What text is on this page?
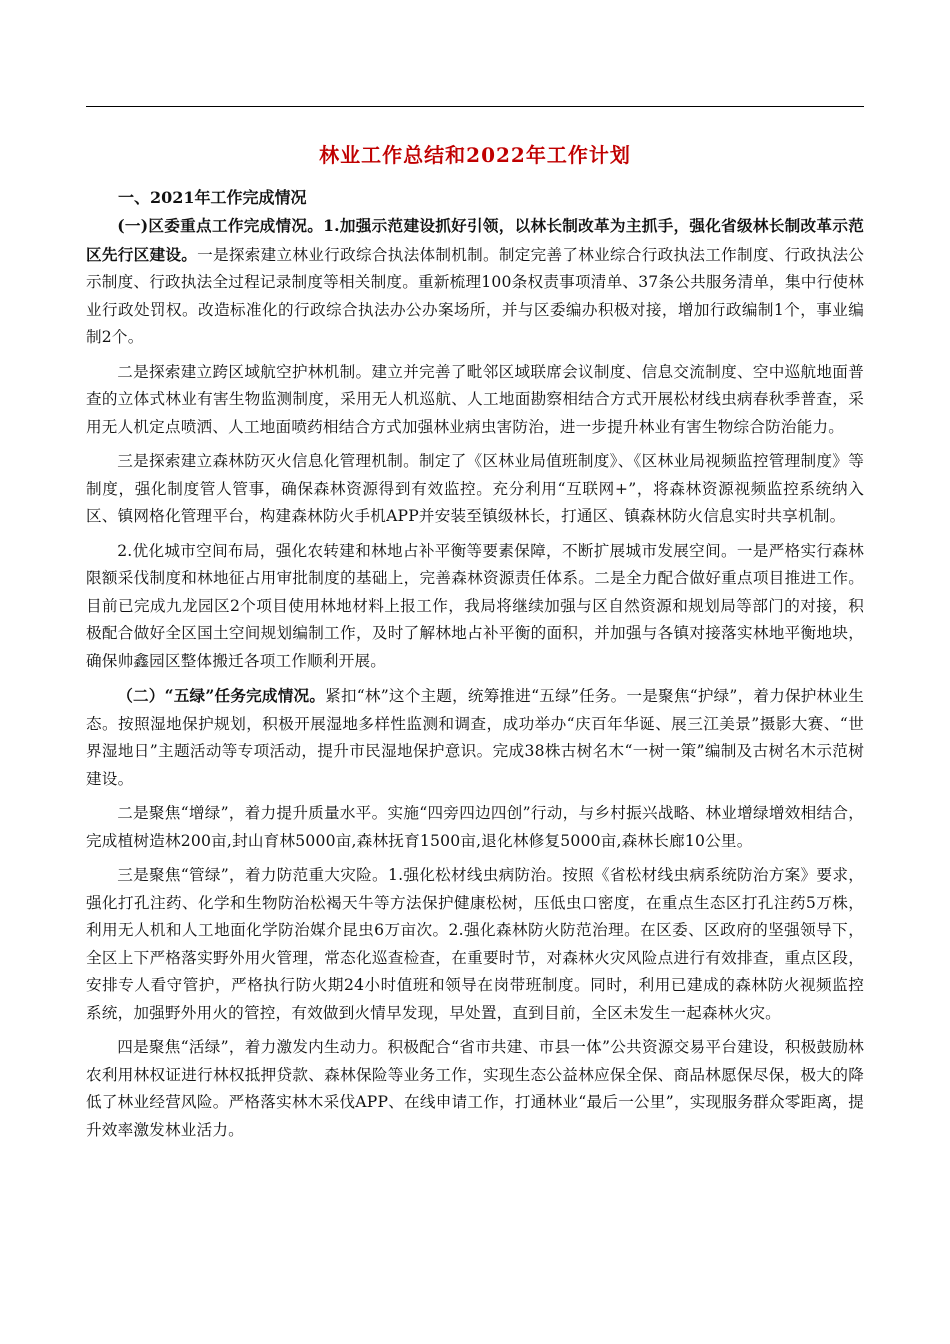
林业工作总结和2022年工作计划
一、2021年工作完成情况

(一)区委重点工作完成情况。1.加强示范建设抓好引领，以林长制改革为主抓手，强化省级林长制改革示范区先行区建设。一是探索建立林业行政综合执法体制机制。制定完善了林业综合行政执法工作制度、行政执法公示制度、行政执法全过程记录制度等相关制度。重新梳理100条权责事项清单、37条公共服务清单，集中行使林业行政处罚权。改造标准化的行政综合执法办公办案场所，并与区委编办积极对接，增加行政编制1个，事业编制2个。

二是探索建立跨区域航空护林机制。建立并完善了毗邻区域联席会议制度、信息交流制度、空中巡航地面普查的立体式林业有害生物监测制度，采用无人机巡航、人工地面勘察相结合方式开展松材线虫病春秋季普查，采用无人机定点喷洒、人工地面喷药相结合方式加强林业病虫害防治，进一步提升林业有害生物综合防治能力。

三是探索建立森林防灭火信息化管理机制。制定了《区林业局值班制度》、《区林业局视频监控管理制度》等制度，强化制度管人管事，确保森林资源得到有效监控。充分利用“互联网+”，将森林资源视频监控系统纳入区、镇网格化管理平台，构建森林防火手机APP并安装至镇级林长，打通区、镇森林防火信息实时共享机制。

2.优化城市空间布局，强化农转建和林地占补平衡等要素保障，不断扩展城市发展空间。一是严格实行森林限额采伐制度和林地征占用审批制度的基础上，完善森林资源责任体系。二是全力配合做好重点项目推进工作。目前已完成九龙园区2个项目使用林地材料上报工作，我局将继续加强与区自然资源和规划局等部门的对接，积极配合做好全区国土空间规划编制工作，及时了解林地占补平衡的面积，并加强与各镇对接落实林地平衡地块，确保帅鑫园区整体搬迁各项工作顺利开展。

（二）“五绿”任务完成情况。紧扣“林”这个主题，统筹推进“五绿”任务。一是聚焦“护绿”，着力保护林业生态。按照湿地保护规划，积极开展湿地多样性监测和调查，成功举办“庆百年华诞、展三江美景”摄影大赛、“世界湿地日”主题活动等专项活动，提升市民湿地保护意识。完成38株古树名木“一树一策”编制及古树名木示范树建设。

二是聚焦“增绿”，着力提升质量水平。实施“四旁四边四创”行动，与乡村振兴战略、林业增绿增效相结合，完成植树造林200亩,封山育林5000亩,森林抚育1500亩,退化林修复5000亩,森林长廊10公里。

三是聚焦“管绿”，着力防范重大灾险。1.强化松材线虫病防治。按照《省松材线虫病系统防治方案》要求，强化打孔注药、化学和生物防治松褐天牛等方法保护健康松树，压低虫口密度，在重点生态区打孔注药5万株，利用无人机和人工地面化学防治媒介昆虫6万亩次。2.强化森林防火防范治理。在区委、区政府的坚强领导下，全区上下严格落实野外用火管理，常态化巡查检查，在重要时节，对森林火灾风险点进行有效排查，重点区段，安排专人看守管护，严格执行防火期24小时值班和领导在岗带班制度。同时，利用已建成的森林防火视频监控系统，加强野外用火的管控，有效做到火情早发现，早处置，直到目前，全区未发生一起森林火灾。

四是聚焦“活绿”，着力激发内生动力。积极配合“省市共建、市县一体”公共资源交易平台建设，积极鼓励林农利用林权证进行林权抵押贷款、森林保险等业务工作，实现生态公益林应保全保、商品林愿保尽保，极大的降低了林业经营风险。严格落实林木采伐APP、在线申请工作，打通林业“最后一公里”，实现服务群众零距离，提升效率激发林业活力。
